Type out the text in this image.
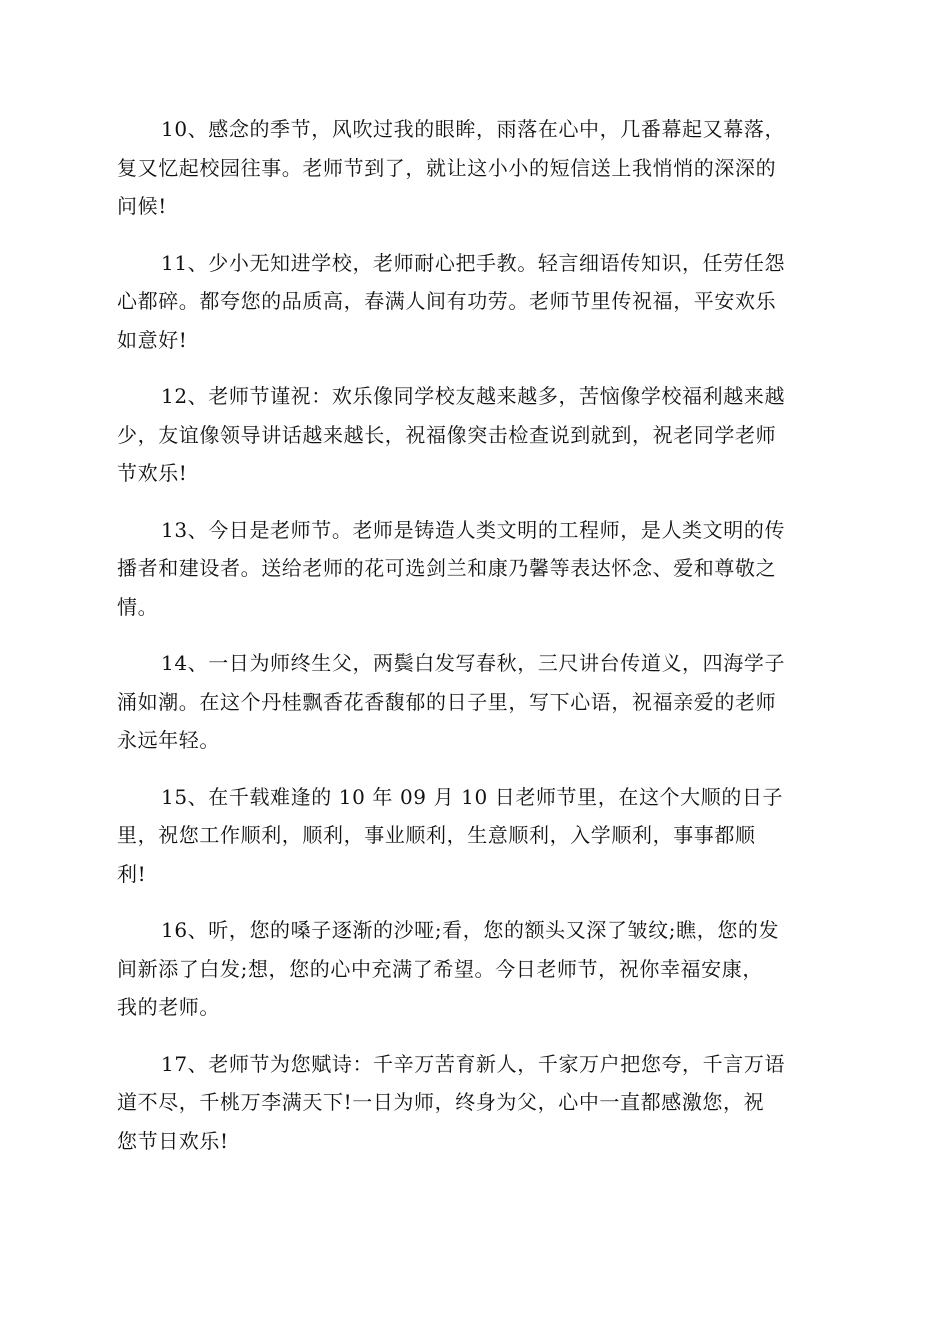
10、感念的季节，风吹过我的眼眸，雨落在心中，几番幕起又幕落，
复又忆起校园往事。老师节到了，就让这小小的短信送上我悄悄的深深的
问候!
11、少小无知进学校，老师耐心把手教。轻言细语传知识，任劳任怨
心都碎。都夸您的品质高，春满人间有功劳。老师节里传祝福，平安欢乐
如意好!
12、老师节谨祝：欢乐像同学校友越来越多，苦恼像学校福利越来越
少，友谊像领导讲话越来越长，祝福像突击检查说到就到，祝老同学老师
节欢乐!
13、今日是老师节。老师是铸造人类文明的工程师，是人类文明的传
播者和建设者。送给老师的花可选剑兰和康乃馨等表达怀念、爱和尊敬之
情。
14、一日为师终生父，两鬓白发写春秋，三尺讲台传道义，四海学子
涌如潮。在这个丹桂飘香花香馥郁的日子里，写下心语，祝福亲爱的老师
永远年轻。
15、在千载难逢的 10 年 09 月 10 日老师节里，在这个大顺的日子
里，祝您工作顺利，顺利，事业顺利，生意顺利，入学顺利，事事都顺
利!
16、听，您的嗓子逐渐的沙哑;看，您的额头又深了皱纹;瞧，您的发
间新添了白发;想，您的心中充满了希望。今日老师节，祝你幸福安康，
我的老师。
17、老师节为您赋诗：千辛万苦育新人，千家万户把您夸，千言万语
道不尽，千桃万李满天下!一日为师，终身为父，心中一直都感激您，祝
您节日欢乐!
